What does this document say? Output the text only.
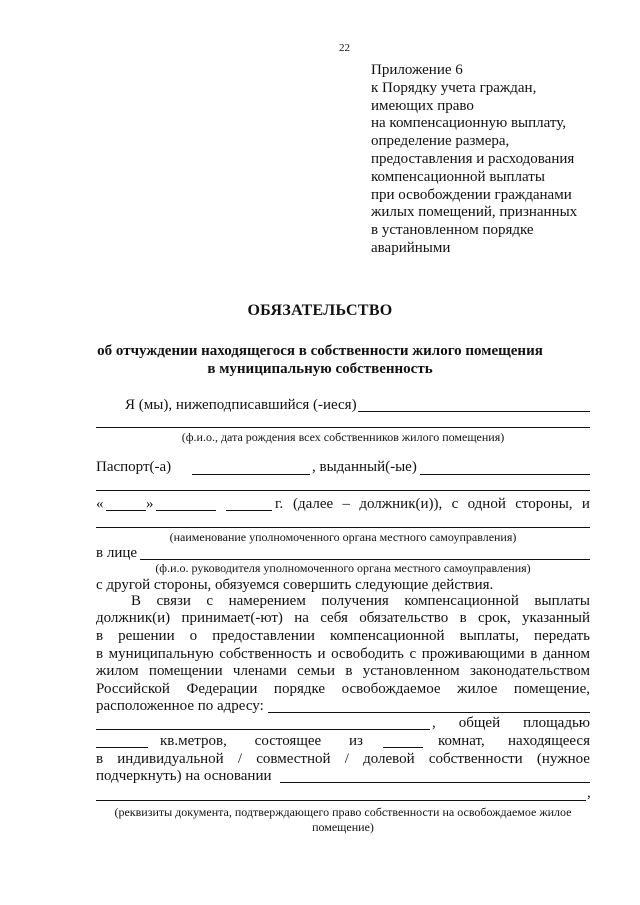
22
Приложение 6
к Порядку учета граждан,
имеющих право
на компенсационную выплату,
определение размера,
предоставления и расходования
компенсационной выплаты
при освобождении гражданами
жилых помещений, признанных
в установленном порядке
аварийными
ОБЯЗАТЕЛЬСТВО
об отчуждении находящегося в собственности жилого помещения
в муниципальную собственность
Я (мы), нижеподписавшийся (-иеся)
(ф.и.о., дата рождения всех собственников жилого помещения)
Паспорт(-а)	, выданный(-ые)
«	»	г. (далее – должник(и)), с одной стороны, и
(наименование уполномоченного органа местного самоуправления)
в лице
(ф.и.о. руководителя уполномоченного органа местного самоуправления)
с другой стороны, обязуемся совершить следующие действия.
В связи с намерением получения компенсационной выплаты
должник(и) принимает(-ют) на себя обязательство в срок, указанный
в решении о предоставлении компенсационной выплаты, передать
в муниципальную собственность и освободить с проживающими в данном
жилом помещении членами семьи в установленном законодательством
Российской Федерации порядке освобождаемое жилое помещение,
расположенное по адресу:
, общей площадью
кв.метров, состоящее из	комнат, находящееся
в индивидуальной / совместной / долевой собственности (нужное
подчеркнуть) на основании
,
(реквизиты документа, подтверждающего право собственности на освобождаемое жилое
помещение)
